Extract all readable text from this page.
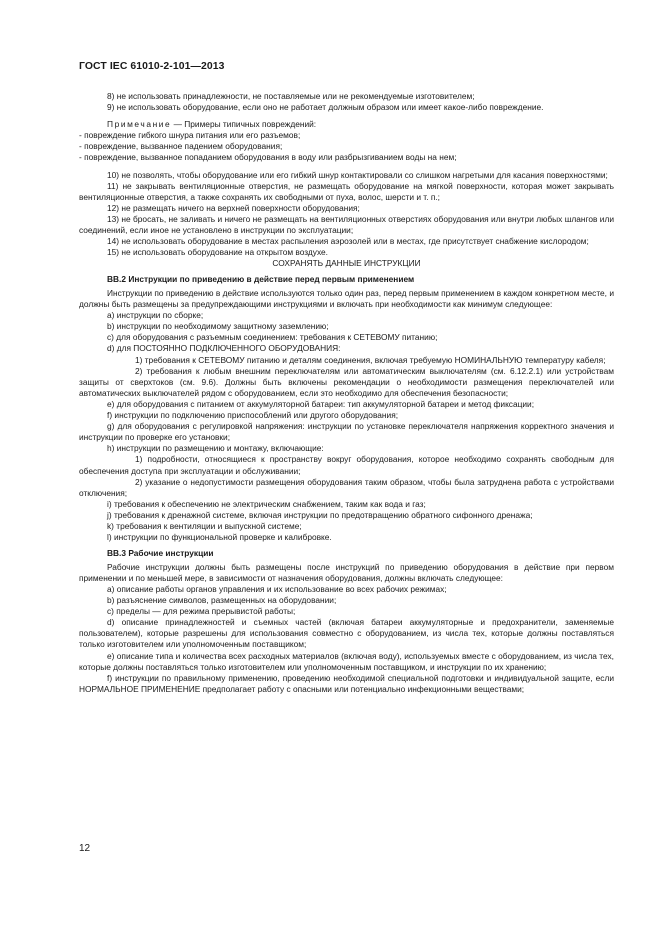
ГОСТ IEC 61010-2-101—2013

8) не использовать принадлежности, не поставляемые или не рекомендуемые изготовителем;

9) не использовать оборудование, если оно не работает должным образом или имеет какое-либо повреждение.

Примечание — Примеры типичных повреждений:

- повреждение гибкого шнура питания или его разъемов;

- повреждение, вызванное падением оборудования;

- повреждение, вызванное попаданием оборудования в воду или разбрызгиванием воды на нем;

10) не позволять, чтобы оборудование или его гибкий шнур контактировали со слишком нагретыми для касания поверхностями;

11) не закрывать вентиляционные отверстия, не размещать оборудование на мягкой поверхности, которая может закрывать вентиляционные отверстия, а также сохранять их свободными от пуха, волос, шерсти и т. п.;

12) не размещать ничего на верхней поверхности оборудования;

13) не бросать, не заливать и ничего не размещать на вентиляционных отверстиях оборудования или внутри любых шлангов или соединений, если иное не установлено в инструкции по эксплуатации;

14) не использовать оборудование в местах распыления аэрозолей или в местах, где присутствует снабжение кислородом;

15) не использовать оборудование на открытом воздухе.

СОХРАНЯТЬ ДАННЫЕ ИНСТРУКЦИИ

ВВ.2 Инструкции по приведению в действие перед первым применением

Инструкции по приведению в действие используются только один раз, перед первым применением в каждом конкретном месте, и должны быть размещены за предупреждающими инструкциями и включать при необходимости как минимум следующее:

a) инструкции по сборке;

b) инструкции по необходимому защитному заземлению;

c) для оборудования с разъемным соединением: требования к СЕТЕВОМУ питанию;

d) для ПОСТОЯННО ПОДКЛЮЧЕННОГО ОБОРУДОВАНИЯ:

1) требования к СЕТЕВОМУ питанию и деталям соединения, включая требуемую НОМИНАЛЬНУЮ температуру кабеля;

2) требования к любым внешним переключателям или автоматическим выключателям (см. 6.12.2.1) или устройствам защиты от сверхтоков (см. 9.6). Должны быть включены рекомендации о необходимости размещения переключателей или автоматических выключателей рядом с оборудованием, если это необходимо для обеспечения безопасности;

e) для оборудования с питанием от аккумуляторной батареи: тип аккумуляторной батареи и метод фиксации;

f) инструкции по подключению приспособлений или другого оборудования;

g) для оборудования с регулировкой напряжения: инструкции по установке переключателя напряжения корректного значения и инструкции по проверке его установки;

h) инструкции по размещению и монтажу, включающие:

1) подробности, относящиеся к пространству вокруг оборудования, которое необходимо сохранять свободным для обеспечения доступа при эксплуатации и обслуживании;

2) указание о недопустимости размещения оборудования таким образом, чтобы была затруднена работа с устройствами отключения;

i) требования к обеспечению не электрическим снабжением, таким как вода и газ;

j) требования к дренажной системе, включая инструкции по предотвращению обратного сифонного дренажа;

k) требования к вентиляции и выпускной системе;

l) инструкции по функциональной проверке и калибровке.

ВВ.3 Рабочие инструкции

Рабочие инструкции должны быть размещены после инструкций по приведению оборудования в действие при первом применении и по меньшей мере, в зависимости от назначения оборудования, должны включать следующее:

a) описание работы органов управления и их использование во всех рабочих режимах;

b) разъяснение символов, размещенных на оборудовании;

c) пределы — для режима прерывистой работы;

d) описание принадлежностей и съемных частей (включая батареи аккумуляторные и предохранители, заменяемые пользователем), которые разрешены для использования совместно с оборудованием, из числа тех, которые должны поставляться только изготовителем или уполномоченным поставщиком;

e) описание типа и количества всех расходных материалов (включая воду), используемых вместе с оборудованием, из числа тех, которые должны поставляться только изготовителем или уполномоченным поставщиком, и инструкции по их хранению;

f) инструкции по правильному применению, проведению необходимой специальной подготовки и индивидуальной защите, если НОРМАЛЬНОЕ ПРИМЕНЕНИЕ предполагает работу с опасными или потенциально инфекционными веществами;

12
